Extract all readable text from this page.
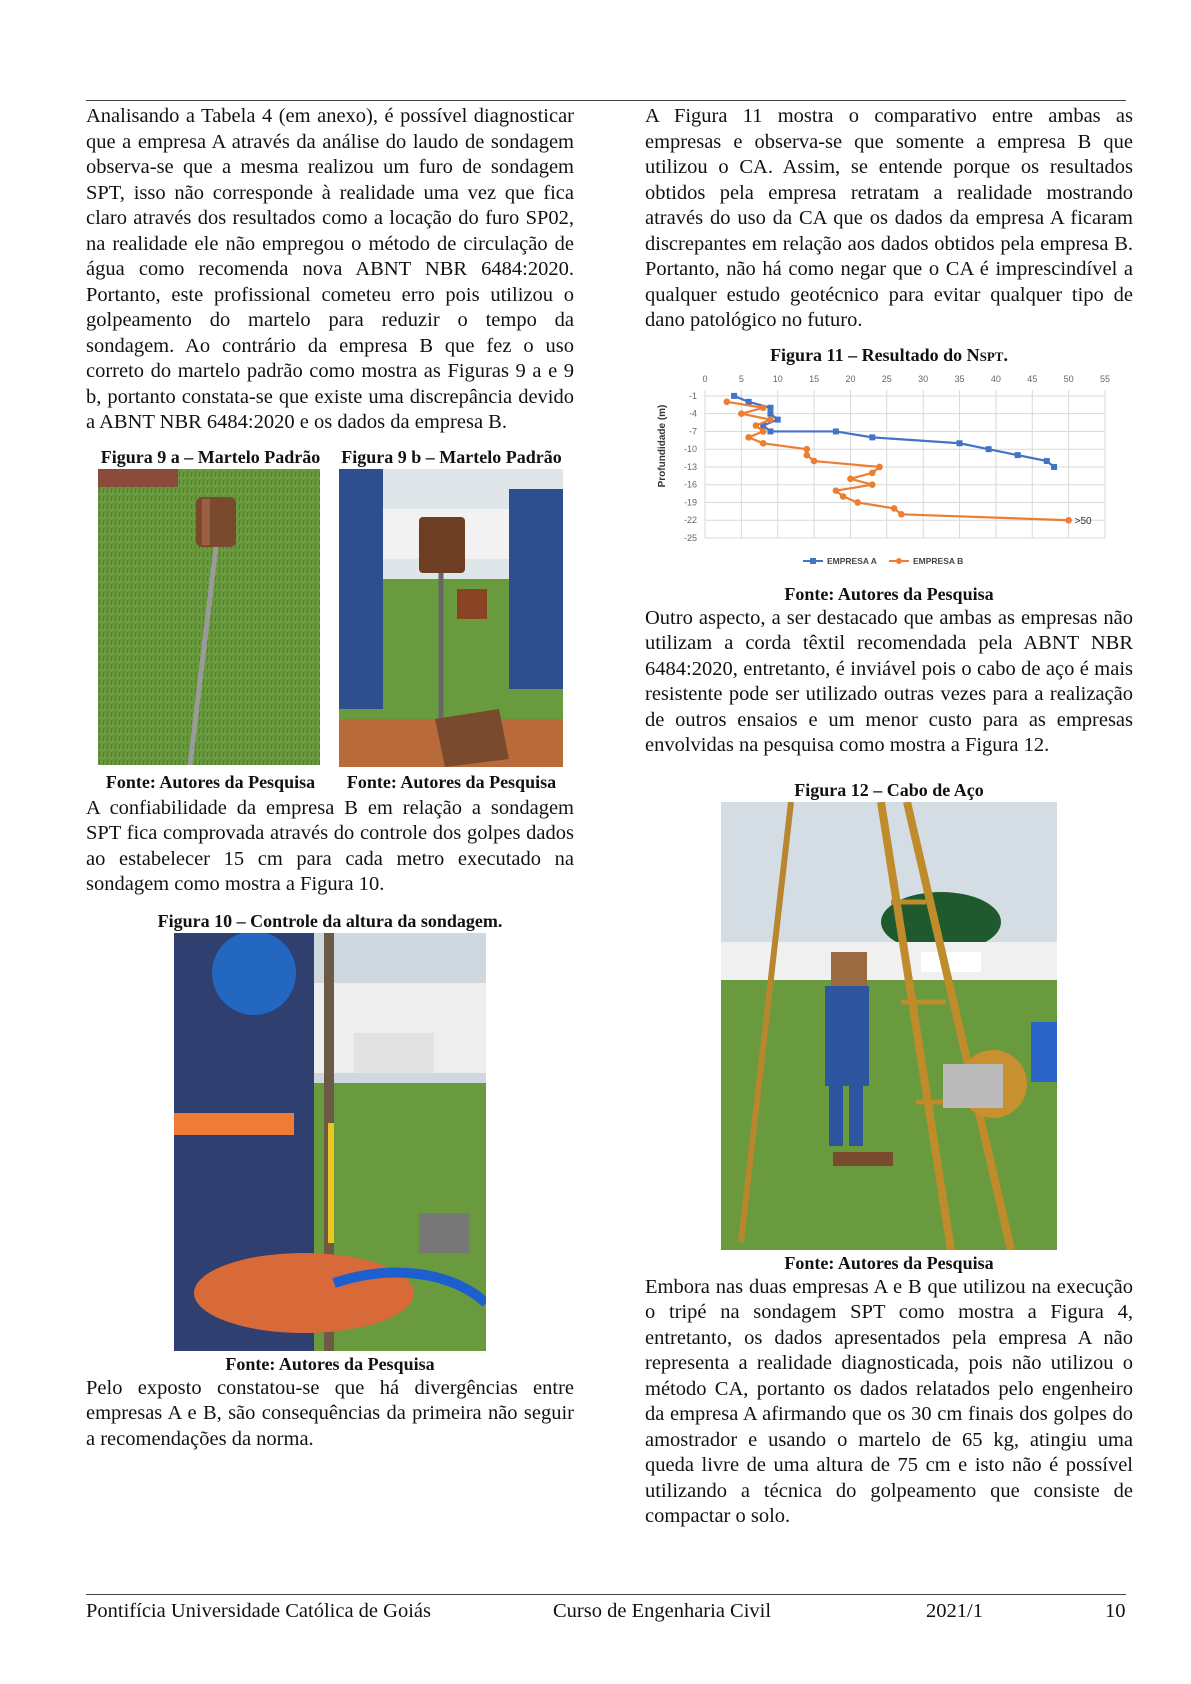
Analisando a Tabela 4 (em anexo), é possível diagnosticar que a empresa A através da análise do laudo de sondagem observa-se que a mesma realizou um furo de sondagem SPT, isso não corresponde à realidade uma vez que fica claro através dos resultados como a locação do furo SP02, na realidade ele não empregou o método de circulação de água como recomenda nova ABNT NBR 6484:2020. Portanto, este profissional cometeu erro pois utilizou o golpeamento do martelo para reduzir o tempo da sondagem. Ao contrário da empresa B que fez o uso correto do martelo padrão como mostra as Figuras 9 a e 9 b, portanto constata-se que existe uma discrepância devido a ABNT NBR 6484:2020 e os dados da empresa B.

Figura 9 a – Martelo Padrão Figura 9 b – Martelo Padrão

Fonte: Autores da Pesquisa	Fonte: Autores da Pesquisa

A confiabilidade da empresa B em relação a sondagem SPT fica comprovada através do controle dos golpes dados ao estabelecer 15 cm para cada metro executado na sondagem como mostra a Figura 10.

Figura 10 – Controle da altura da sondagem.

Fonte: Autores da Pesquisa

Pelo exposto constatou-se que há divergências entre empresas A e B, são consequências da primeira não seguir a recomendações da norma.

A Figura 11 mostra o comparativo entre ambas as empresas e observa-se que somente a empresa B que utilizou o CA. Assim, se entende porque os resultados obtidos pela empresa retratam a realidade mostrando através do uso da CA que os dados da empresa A ficaram discrepantes em relação aos dados obtidos pela empresa B. Portanto, não há como negar que o CA é imprescindível a qualquer estudo geotécnico para evitar qualquer tipo de dano patológico no futuro.

Figura 11 – Resultado do NSPT.

0	5	10	15	20	25	30	35	40	45	50	55
-1
-4
-7
-10
-13
-16
-19
-22
-25
Profundidade (m)
>50
EMPRESA A	EMPRESA B

Fonte: Autores da Pesquisa

Outro aspecto, a ser destacado que ambas as empresas não utilizam a corda têxtil recomendada pela ABNT NBR 6484:2020, entretanto, é inviável pois o cabo de aço é mais resistente pode ser utilizado outras vezes para a realização de outros ensaios e um menor custo para as empresas envolvidas na pesquisa como mostra a Figura 12.

Figura 12 – Cabo de Aço

Fonte: Autores da Pesquisa

Embora nas duas empresas A e B que utilizou na execução o tripé na sondagem SPT como mostra a Figura 4, entretanto, os dados apresentados pela empresa A não representa a realidade diagnosticada, pois não utilizou o método CA, portanto os dados relatados pelo engenheiro da empresa A afirmando que os 30 cm finais dos golpes do amostrador e usando o martelo de 65 kg, atingiu uma queda livre de uma altura de 75 cm e isto não é possível utilizando a técnica do golpeamento que consiste de compactar o solo.

Pontifícia Universidade Católica de Goiás	Curso de Engenharia Civil	2021/1	10
